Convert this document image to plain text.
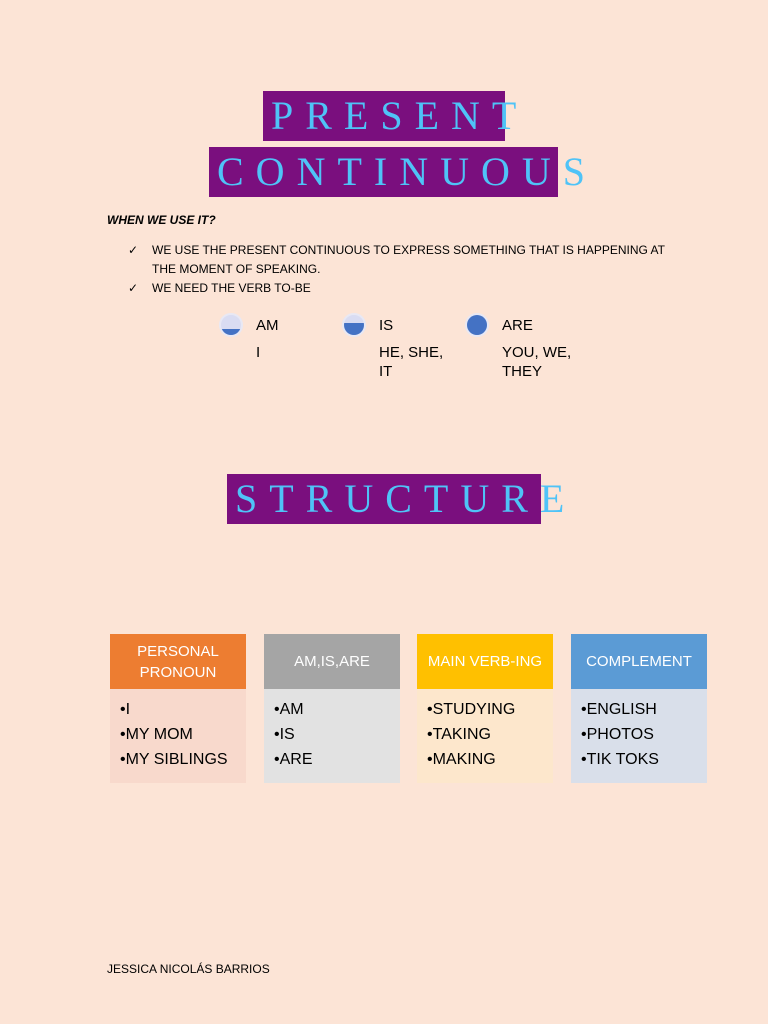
PRESENT
CONTINUOUS
WHEN WE USE IT?
✓ WE USE THE PRESENT CONTINUOUS TO EXPRESS SOMETHING THAT IS HAPPENING AT THE MOMENT OF SPEAKING.
✓ WE NEED THE VERB TO-BE
AM
I
IS
HE, SHE, IT
ARE
YOU, WE, THEY
STRUCTURE
PERSONAL PRONOUN
•I
•MY MOM
•MY SIBLINGS
AM,IS,ARE
•AM
•IS
•ARE
MAIN VERB-ING
•STUDYING
•TAKING
•MAKING
COMPLEMENT
•ENGLISH
•PHOTOS
•TIK TOKS
JESSICA NICOLÁS BARRIOS
